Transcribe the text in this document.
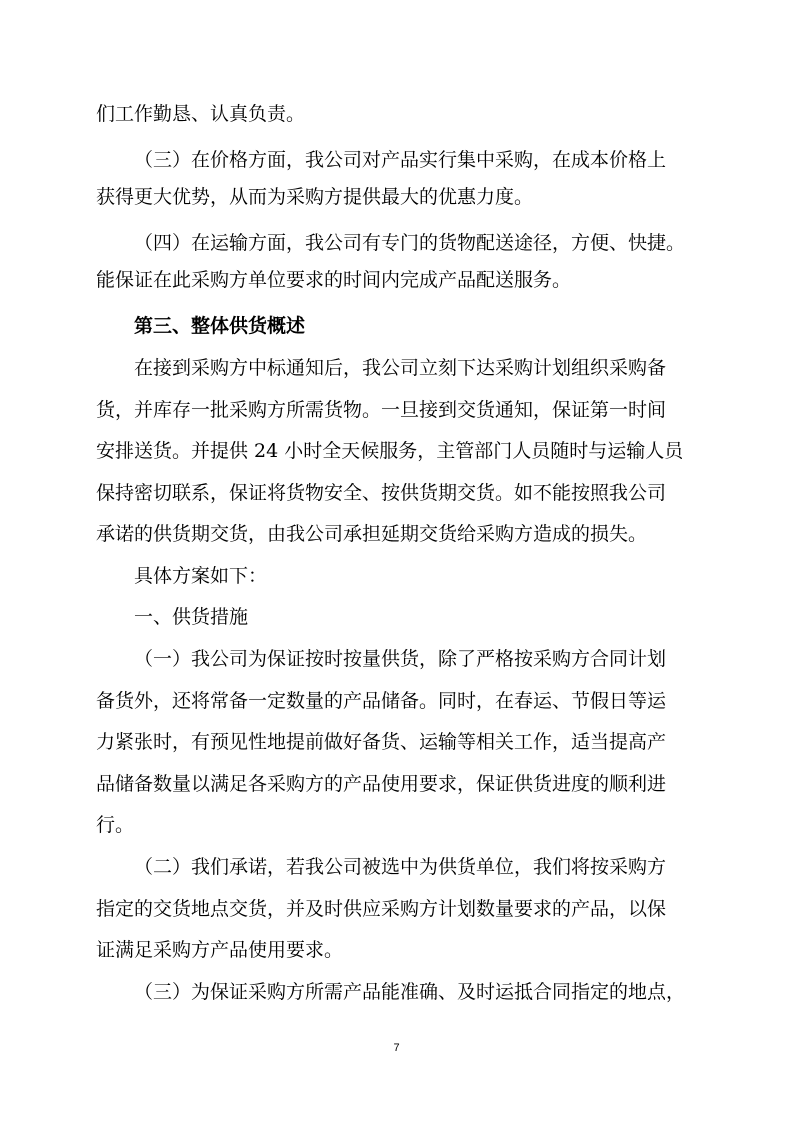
们工作勤恳、认真负责。
（三）在价格方面，我公司对产品实行集中采购，在成本价格上
获得更大优势，从而为采购方提供最大的优惠力度。
（四）在运输方面，我公司有专门的货物配送途径，方便、快捷。
能保证在此采购方单位要求的时间内完成产品配送服务。
第三、整体供货概述
在接到采购方中标通知后，我公司立刻下达采购计划组织采购备
货，并库存一批采购方所需货物。一旦接到交货通知，保证第一时间
安排送货。并提供 24 小时全天候服务，主管部门人员随时与运输人员
保持密切联系，保证将货物安全、按供货期交货。如不能按照我公司
承诺的供货期交货，由我公司承担延期交货给采购方造成的损失。
具体方案如下：
一、供货措施
（一）我公司为保证按时按量供货，除了严格按采购方合同计划
备货外，还将常备一定数量的产品储备。同时，在春运、节假日等运
力紧张时，有预见性地提前做好备货、运输等相关工作，适当提高产
品储备数量以满足各采购方的产品使用要求，保证供货进度的顺利进
行。
（二）我们承诺，若我公司被选中为供货单位，我们将按采购方
指定的交货地点交货，并及时供应采购方计划数量要求的产品，以保
证满足采购方产品使用要求。
（三）为保证采购方所需产品能准确、及时运抵合同指定的地点，
7
